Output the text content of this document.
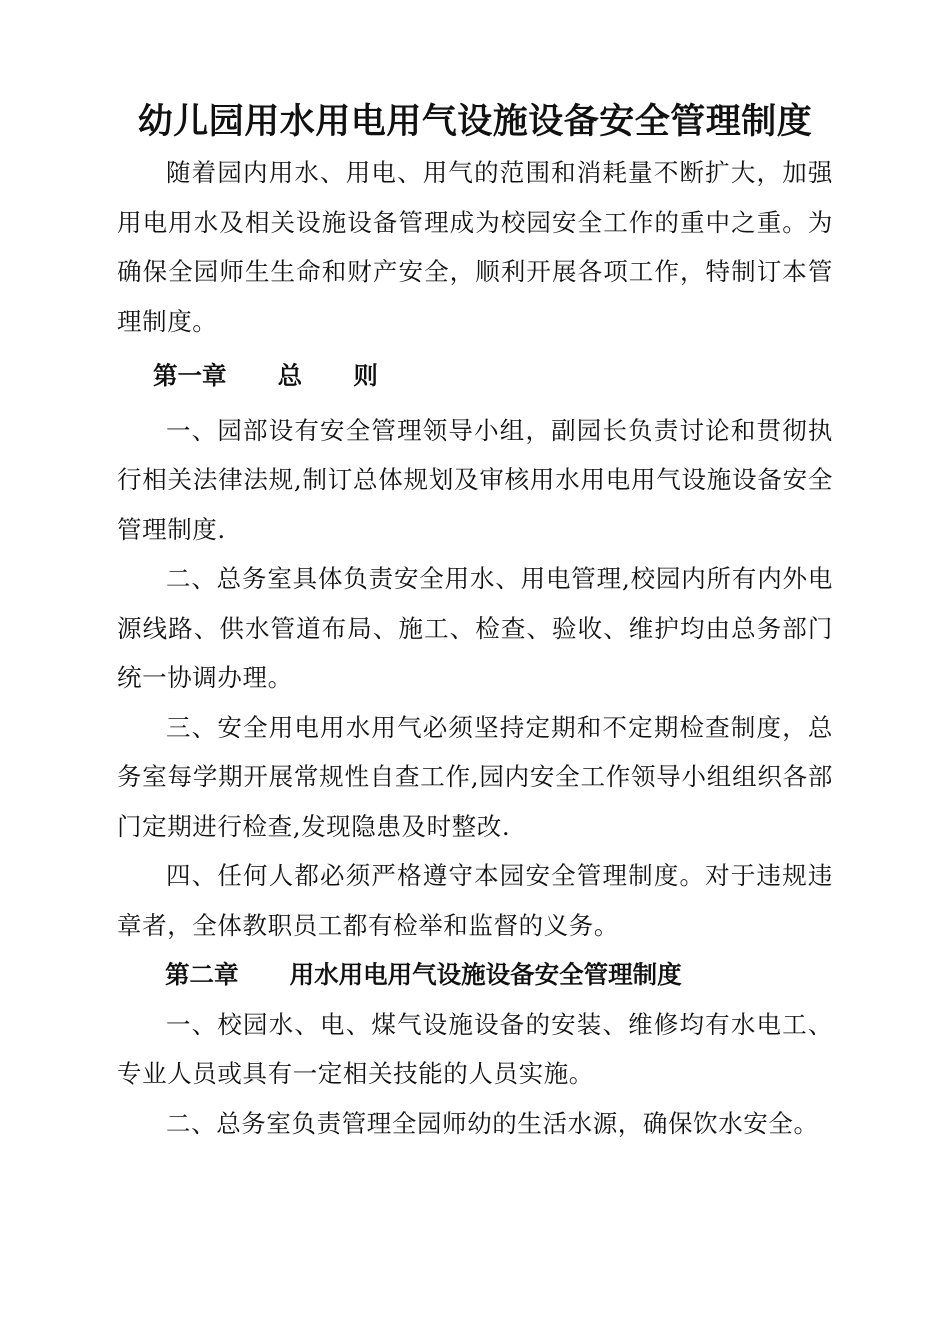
幼儿园用水用电用气设施设备安全管理制度

随着园内用水、用电、用气的范围和消耗量不断扩大，加强用电用水及相关设施设备管理成为校园安全工作的重中之重。为确保全园师生生命和财产安全，顺利开展各项工作，特制订本管理制度。

第一章      总      则

一、园部设有安全管理领导小组，副园长负责讨论和贯彻执行相关法律法规,制订总体规划及审核用水用电用气设施设备安全管理制度.

二、总务室具体负责安全用水、用电管理,校园内所有内外电源线路、供水管道布局、施工、检查、验收、维护均由总务部门统一协调办理。

三、安全用电用水用气必须坚持定期和不定期检查制度，总务室每学期开展常规性自查工作,园内安全工作领导小组组织各部门定期进行检查,发现隐患及时整改.

四、任何人都必须严格遵守本园安全管理制度。对于违规违章者，全体教职员工都有检举和监督的义务。

第二章      用水用电用气设施设备安全管理制度

一、校园水、电、煤气设施设备的安装、维修均有水电工、专业人员或具有一定相关技能的人员实施。

二、总务室负责管理全园师幼的生活水源，确保饮水安全。
